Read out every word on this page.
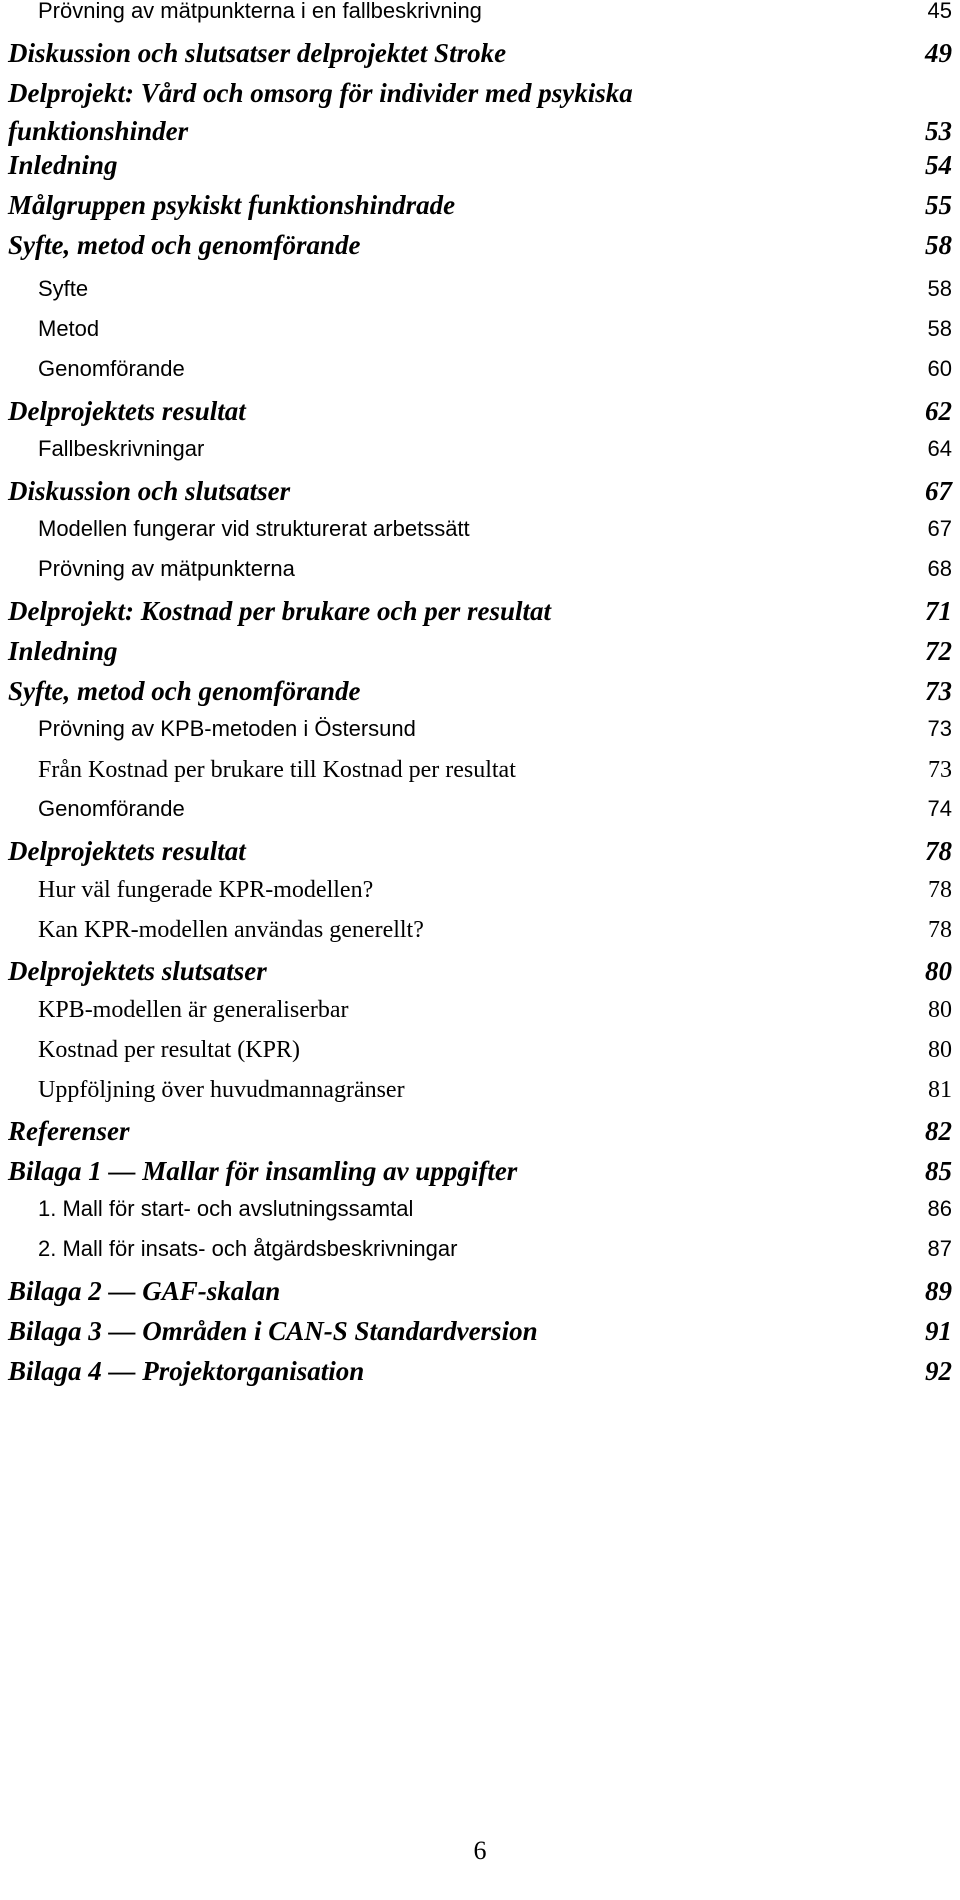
Prövning av mätpunkterna i en fallbeskrivning	45
Diskussion och slutsatser delprojektet Stroke	49
Delprojekt: Vård och omsorg för individer med psykiska
funktionshinder	53
Inledning	54
Målgruppen psykiskt funktionshindrade	55
Syfte, metod och genomförande	58
Syfte	58
Metod	58
Genomförande	60
Delprojektets resultat	62
Fallbeskrivningar	64
Diskussion och slutsatser	67
Modellen fungerar vid strukturerat arbetssätt	67
Prövning av mätpunkterna	68
Delprojekt: Kostnad per brukare och per resultat	71
Inledning	72
Syfte, metod och genomförande	73
Prövning av KPB-metoden i Östersund	73
Från Kostnad per brukare till Kostnad per resultat	73
Genomförande	74
Delprojektets resultat	78
Hur väl fungerade KPR-modellen?	78
Kan KPR-modellen användas generellt?	78
Delprojektets slutsatser	80
KPB-modellen är generaliserbar	80
Kostnad per resultat (KPR)	80
Uppföljning över huvudmannagränser	81
Referenser	82
Bilaga 1 — Mallar för insamling av uppgifter	85
1. Mall för start- och avslutningssamtal	86
2. Mall för insats- och åtgärdsbeskrivningar	87
Bilaga 2 — GAF-skalan	89
Bilaga 3 — Områden i CAN-S Standardversion	91
Bilaga 4 — Projektorganisation	92
6
